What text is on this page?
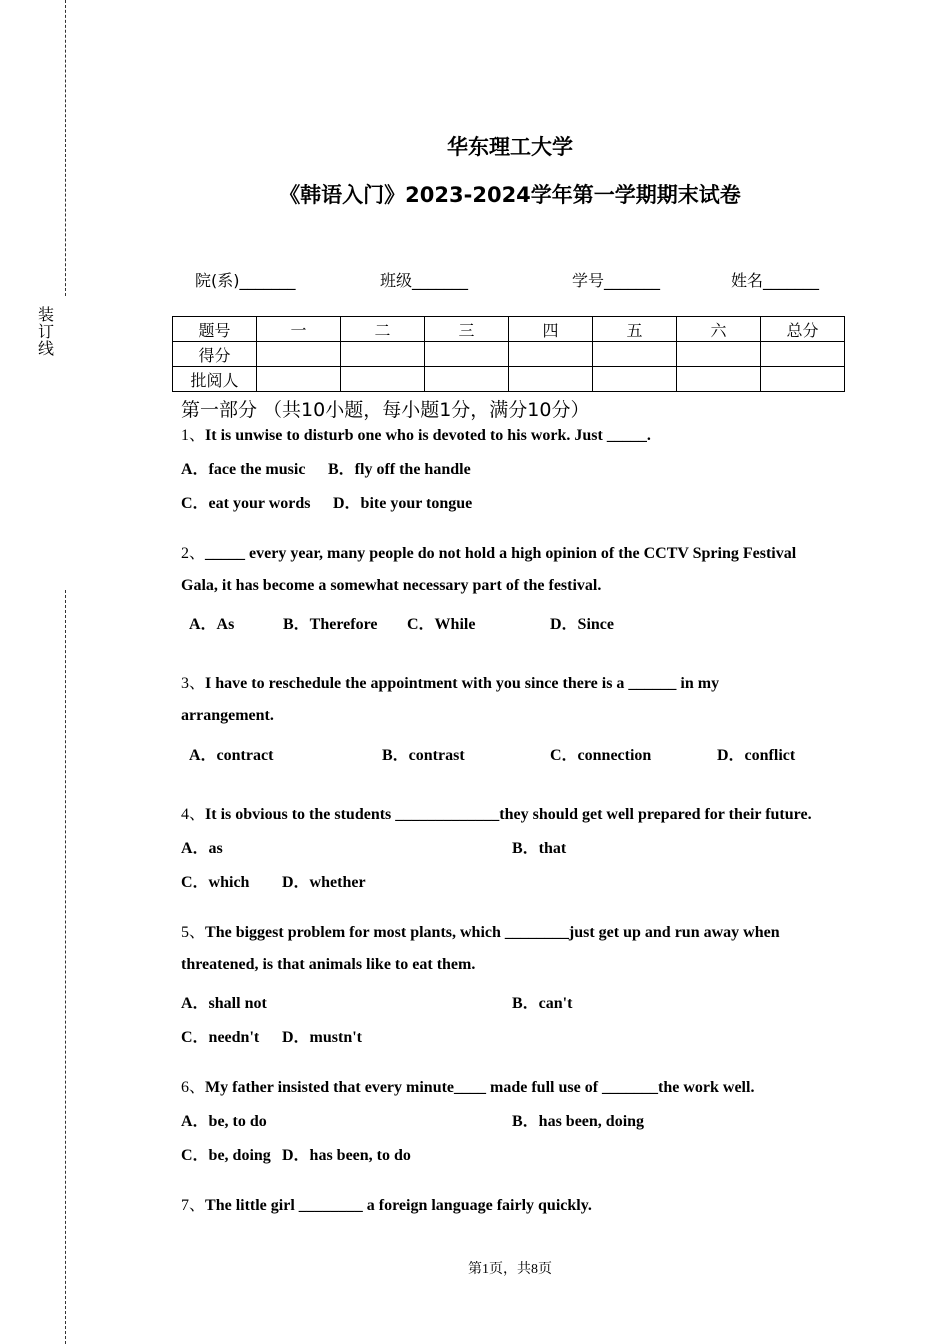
装订线
华东理工大学
《韩语入门》2023-2024学年第一学期期末试卷
院(系)_______	班级_______	学号_______	姓名_______
题号	一	二	三	四	五	六	总分
得分							
批阅人							
第一部分 （共10小题，每小题1分，满分10分）
1、It is unwise to disturb one who is devoted to his work. Just _____.
A．face the music B．fly off the handle
C．eat your words D．bite your tongue
2、_____ every year, many people do not hold a high opinion of the CCTV Spring Festival
Gala, it has become a somewhat necessary part of the festival.
A．As	B．Therefore C．While	D．Since
3、I have to reschedule the appointment with you since there is a ______ in my
arrangement.
A．contract	B．contrast	C．connection	D．conflict
4、It is obvious to the students _____________they should get well prepared for their future.
A．as	B．that
C．which D．whether
5、The biggest problem for most plants, which ________just get up and run away when
threatened, is that animals like to eat them.
A．shall not	B．can't
C．needn't D．mustn't
6、My father insisted that every minute____ made full use of _______the work well.
A．be, to do	B．has been, doing
C．be, doing D．has been, to do
7、The little girl ________ a foreign language fairly quickly.
第1页，共8页
